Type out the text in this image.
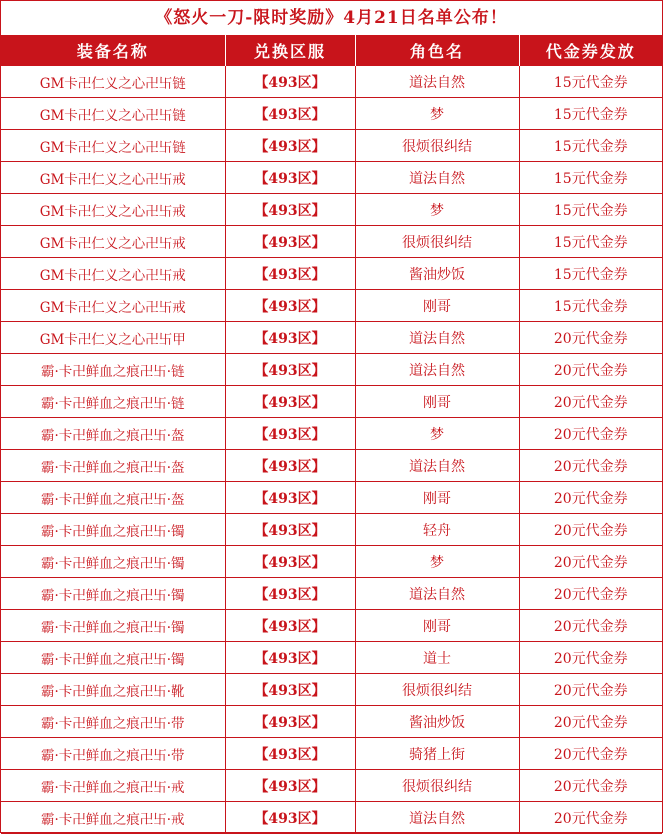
《怒火一刀-限时奖励》4月21日名单公布！
装备名称	兑换区服	角色名	代金券发放
GM卡卍仁义之心卍卐链	【493区】	道法自然	15元代金券
GM卡卍仁义之心卍卐链	【493区】	梦	15元代金券
GM卡卍仁义之心卍卐链	【493区】	很烦很纠结	15元代金券
GM卡卍仁义之心卍卐戒	【493区】	道法自然	15元代金券
GM卡卍仁义之心卍卐戒	【493区】	梦	15元代金券
GM卡卍仁义之心卍卐戒	【493区】	很烦很纠结	15元代金券
GM卡卍仁义之心卍卐戒	【493区】	酱油炒饭	15元代金券
GM卡卍仁义之心卍卐戒	【493区】	刚哥	15元代金券
GM卡卍仁义之心卍卐甲	【493区】	道法自然	20元代金券
霸·卡卍鲜血之痕卍卐·链	【493区】	道法自然	20元代金券
霸·卡卍鲜血之痕卍卐·链	【493区】	刚哥	20元代金券
霸·卡卍鲜血之痕卍卐·盔	【493区】	梦	20元代金券
霸·卡卍鲜血之痕卍卐·盔	【493区】	道法自然	20元代金券
霸·卡卍鲜血之痕卍卐·盔	【493区】	刚哥	20元代金券
霸·卡卍鲜血之痕卍卐·镯	【493区】	轻舟	20元代金券
霸·卡卍鲜血之痕卍卐·镯	【493区】	梦	20元代金券
霸·卡卍鲜血之痕卍卐·镯	【493区】	道法自然	20元代金券
霸·卡卍鲜血之痕卍卐·镯	【493区】	刚哥	20元代金券
霸·卡卍鲜血之痕卍卐·镯	【493区】	道士	20元代金券
霸·卡卍鲜血之痕卍卐·靴	【493区】	很烦很纠结	20元代金券
霸·卡卍鲜血之痕卍卐·带	【493区】	酱油炒饭	20元代金券
霸·卡卍鲜血之痕卍卐·带	【493区】	骑猪上街	20元代金券
霸·卡卍鲜血之痕卍卐·戒	【493区】	很烦很纠结	20元代金券
霸·卡卍鲜血之痕卍卐·戒	【493区】	道法自然	20元代金券
